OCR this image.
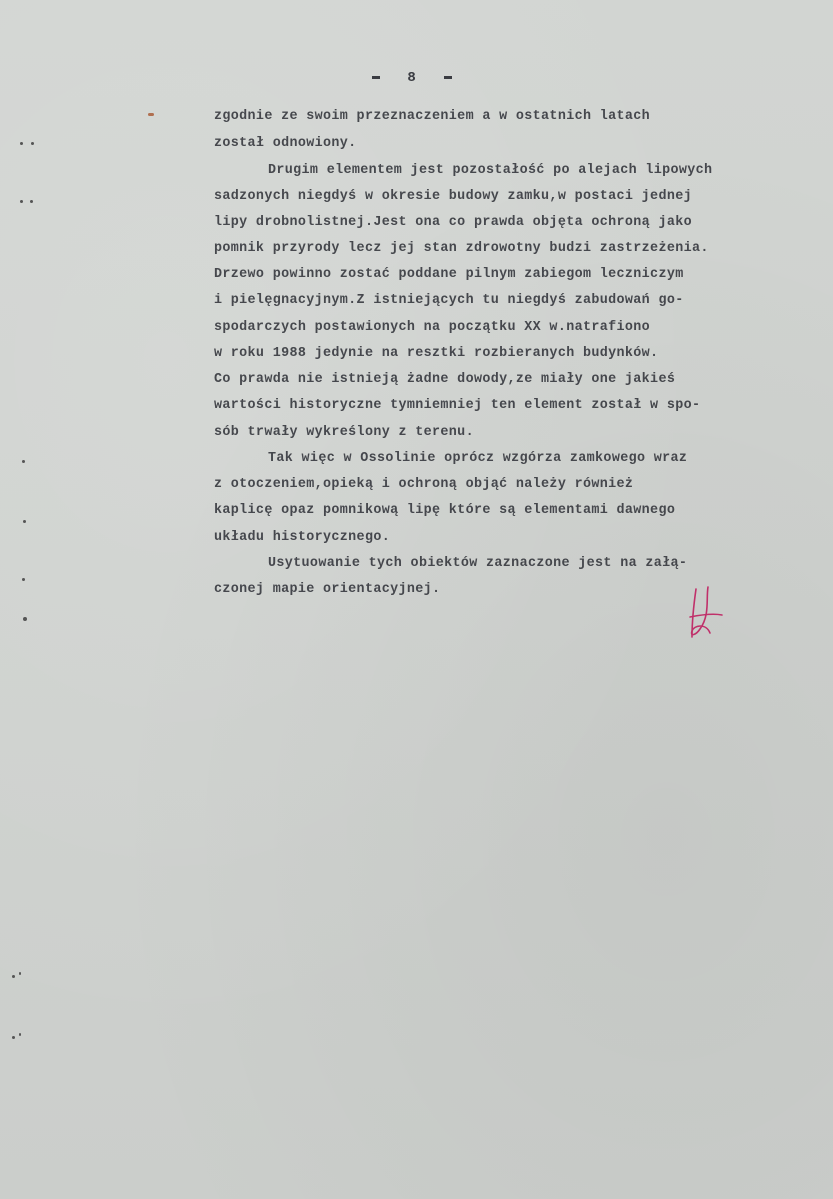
8
zgodnie ze swoim przeznaczeniem a w ostatnich latach
został odnowiony.
Drugim elementem jest pozostałość po alejach lipowych
sadzonych niegdyś w okresie budowy zamku,w postaci jednej
lipy drobnolistnej.Jest ona co prawda objęta ochroną jako
pomnik przyrody lecz jej stan zdrowotny budzi zastrzeżenia.
Drzewo powinno zostać poddane pilnym zabiegom leczniczym
i pielęgnacyjnym.Z istniejących tu niegdyś zabudowań go-
spodarczych postawionych na początku XX w.natrafiono
w roku 1988 jedynie na resztki rozbieranych budynków.
Co prawda nie istnieją żadne dowody,ze miały one jakieś
wartości historyczne tymniemniej ten element został w spo-
sób trwały wykreślony z terenu.
Tak więc w Ossolinie oprócz wzgórza zamkowego wraz
z otoczeniem,opieką i ochroną objąć należy również
kaplicę opaz pomnikową lipę które są elementami dawnego
układu historycznego.
Usytuowanie tych obiektów zaznaczone jest na załą-
czonej mapie orientacyjnej.
